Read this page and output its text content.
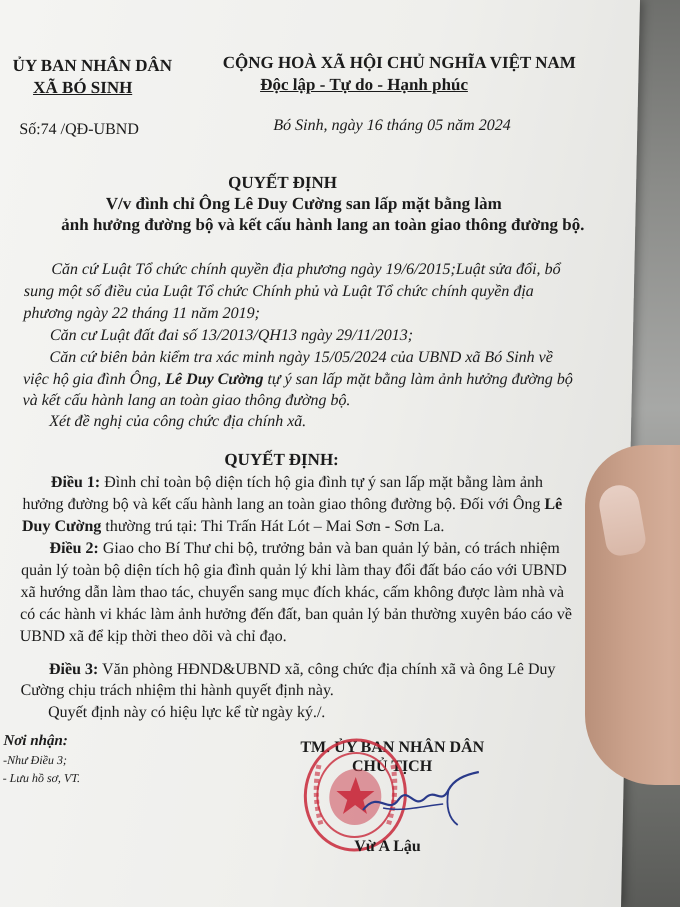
ỦY BAN NHÂN DÂN
XÃ BÓ SINH
Số:74 /QĐ-UBND
CỘNG HOÀ XÃ HỘI CHỦ NGHĨA VIỆT NAM
Độc lập - Tự do - Hạnh phúc
Bó Sinh, ngày 16 tháng 05 năm 2024
QUYẾT ĐỊNH
V/v đình chỉ Ông Lê Duy Cường san lấp mặt bằng làm
ảnh hưởng đường bộ và kết cấu hành lang an toàn giao thông đường bộ.
Căn cứ Luật Tổ chức chính quyền địa phương ngày 19/6/2015;Luật sửa đổi, bổ
sung một số điều của Luật Tổ chức Chính phủ và Luật Tổ chức chính quyền địa
phương ngày 22 tháng 11 năm 2019;
Căn cư Luật đất đai số 13/2013/QH13 ngày 29/11/2013;
Căn cứ biên bản kiểm tra xác minh ngày 15/05/2024 của UBND xã Bó Sinh về
việc hộ gia đình Ông, Lê Duy Cường tự ý san lấp mặt bằng làm ảnh hưởng đường bộ
và kết cấu hành lang an toàn giao thông đường bộ.
Xét đề nghị của công chức địa chính xã.
QUYẾT ĐỊNH:
Điều 1: Đình chỉ toàn bộ diện tích hộ gia đình tự ý san lấp mặt bằng làm ảnh
hưởng đường bộ và kết cấu hành lang an toàn giao thông đường bộ. Đối với Ông Lê
Duy Cường thường trú tại: Thi Trấn Hát Lót – Mai Sơn - Sơn La.
Điều 2: Giao cho Bí Thư chi bộ, trưởng bản và ban quản lý bản, có trách nhiệm
quản lý toàn bộ diện tích hộ gia đình quản lý khi làm thay đổi đất báo cáo với UBND
xã hướng dẫn làm thao tác, chuyển sang mục đích khác, cấm không được làm nhà và
có các hành vi khác làm ảnh hưởng đến đất, ban quản lý bản thường xuyên báo cáo về
UBND xã để kịp thời theo dõi và chỉ đạo.
Điều 3: Văn phòng HĐND&UBND xã, công chức địa chính xã và ông Lê Duy
Cường chịu trách nhiệm thi hành quyết định này.
Quyết định này có hiệu lực kể từ ngày ký./.
Nơi nhận:
-Như Điều 3;
- Lưu hồ sơ, VT.
TM. ỦY BAN NHÂN DÂN
CHỦ TỊCH
Vừ A Lậu
